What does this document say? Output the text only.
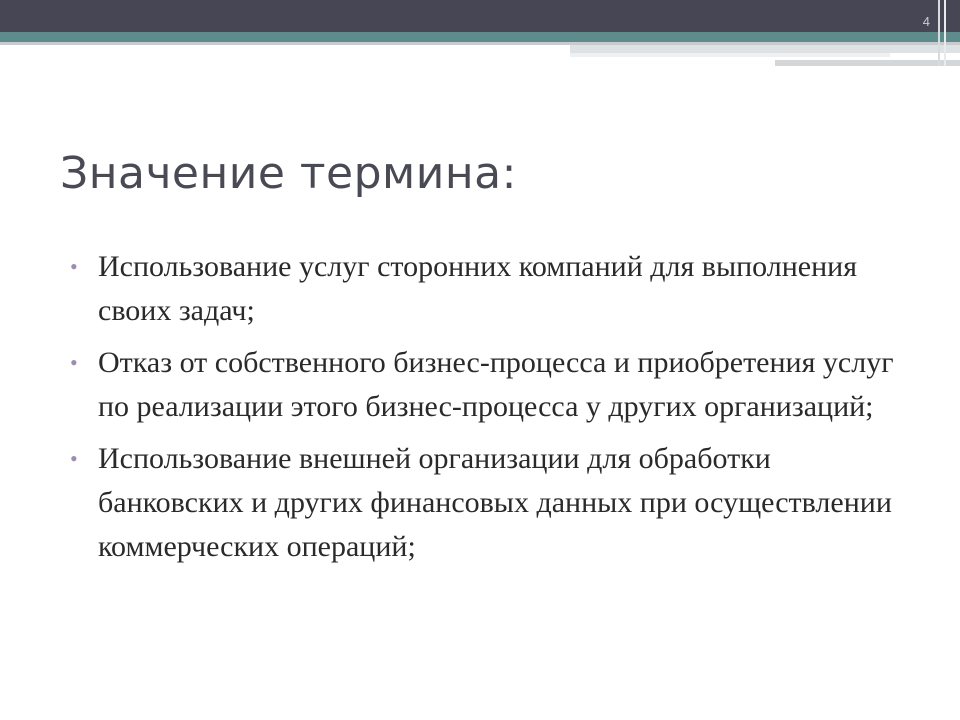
4
Значение термина:
• Использование услуг сторонних компаний для выполнения своих задач;
• Отказ от собственного бизнес-процесса и приобретения услуг по реализации этого бизнес-процесса у других организаций;
• Использование внешней организации для обработки банковских и других финансовых данных при осуществлении коммерческих операций;
